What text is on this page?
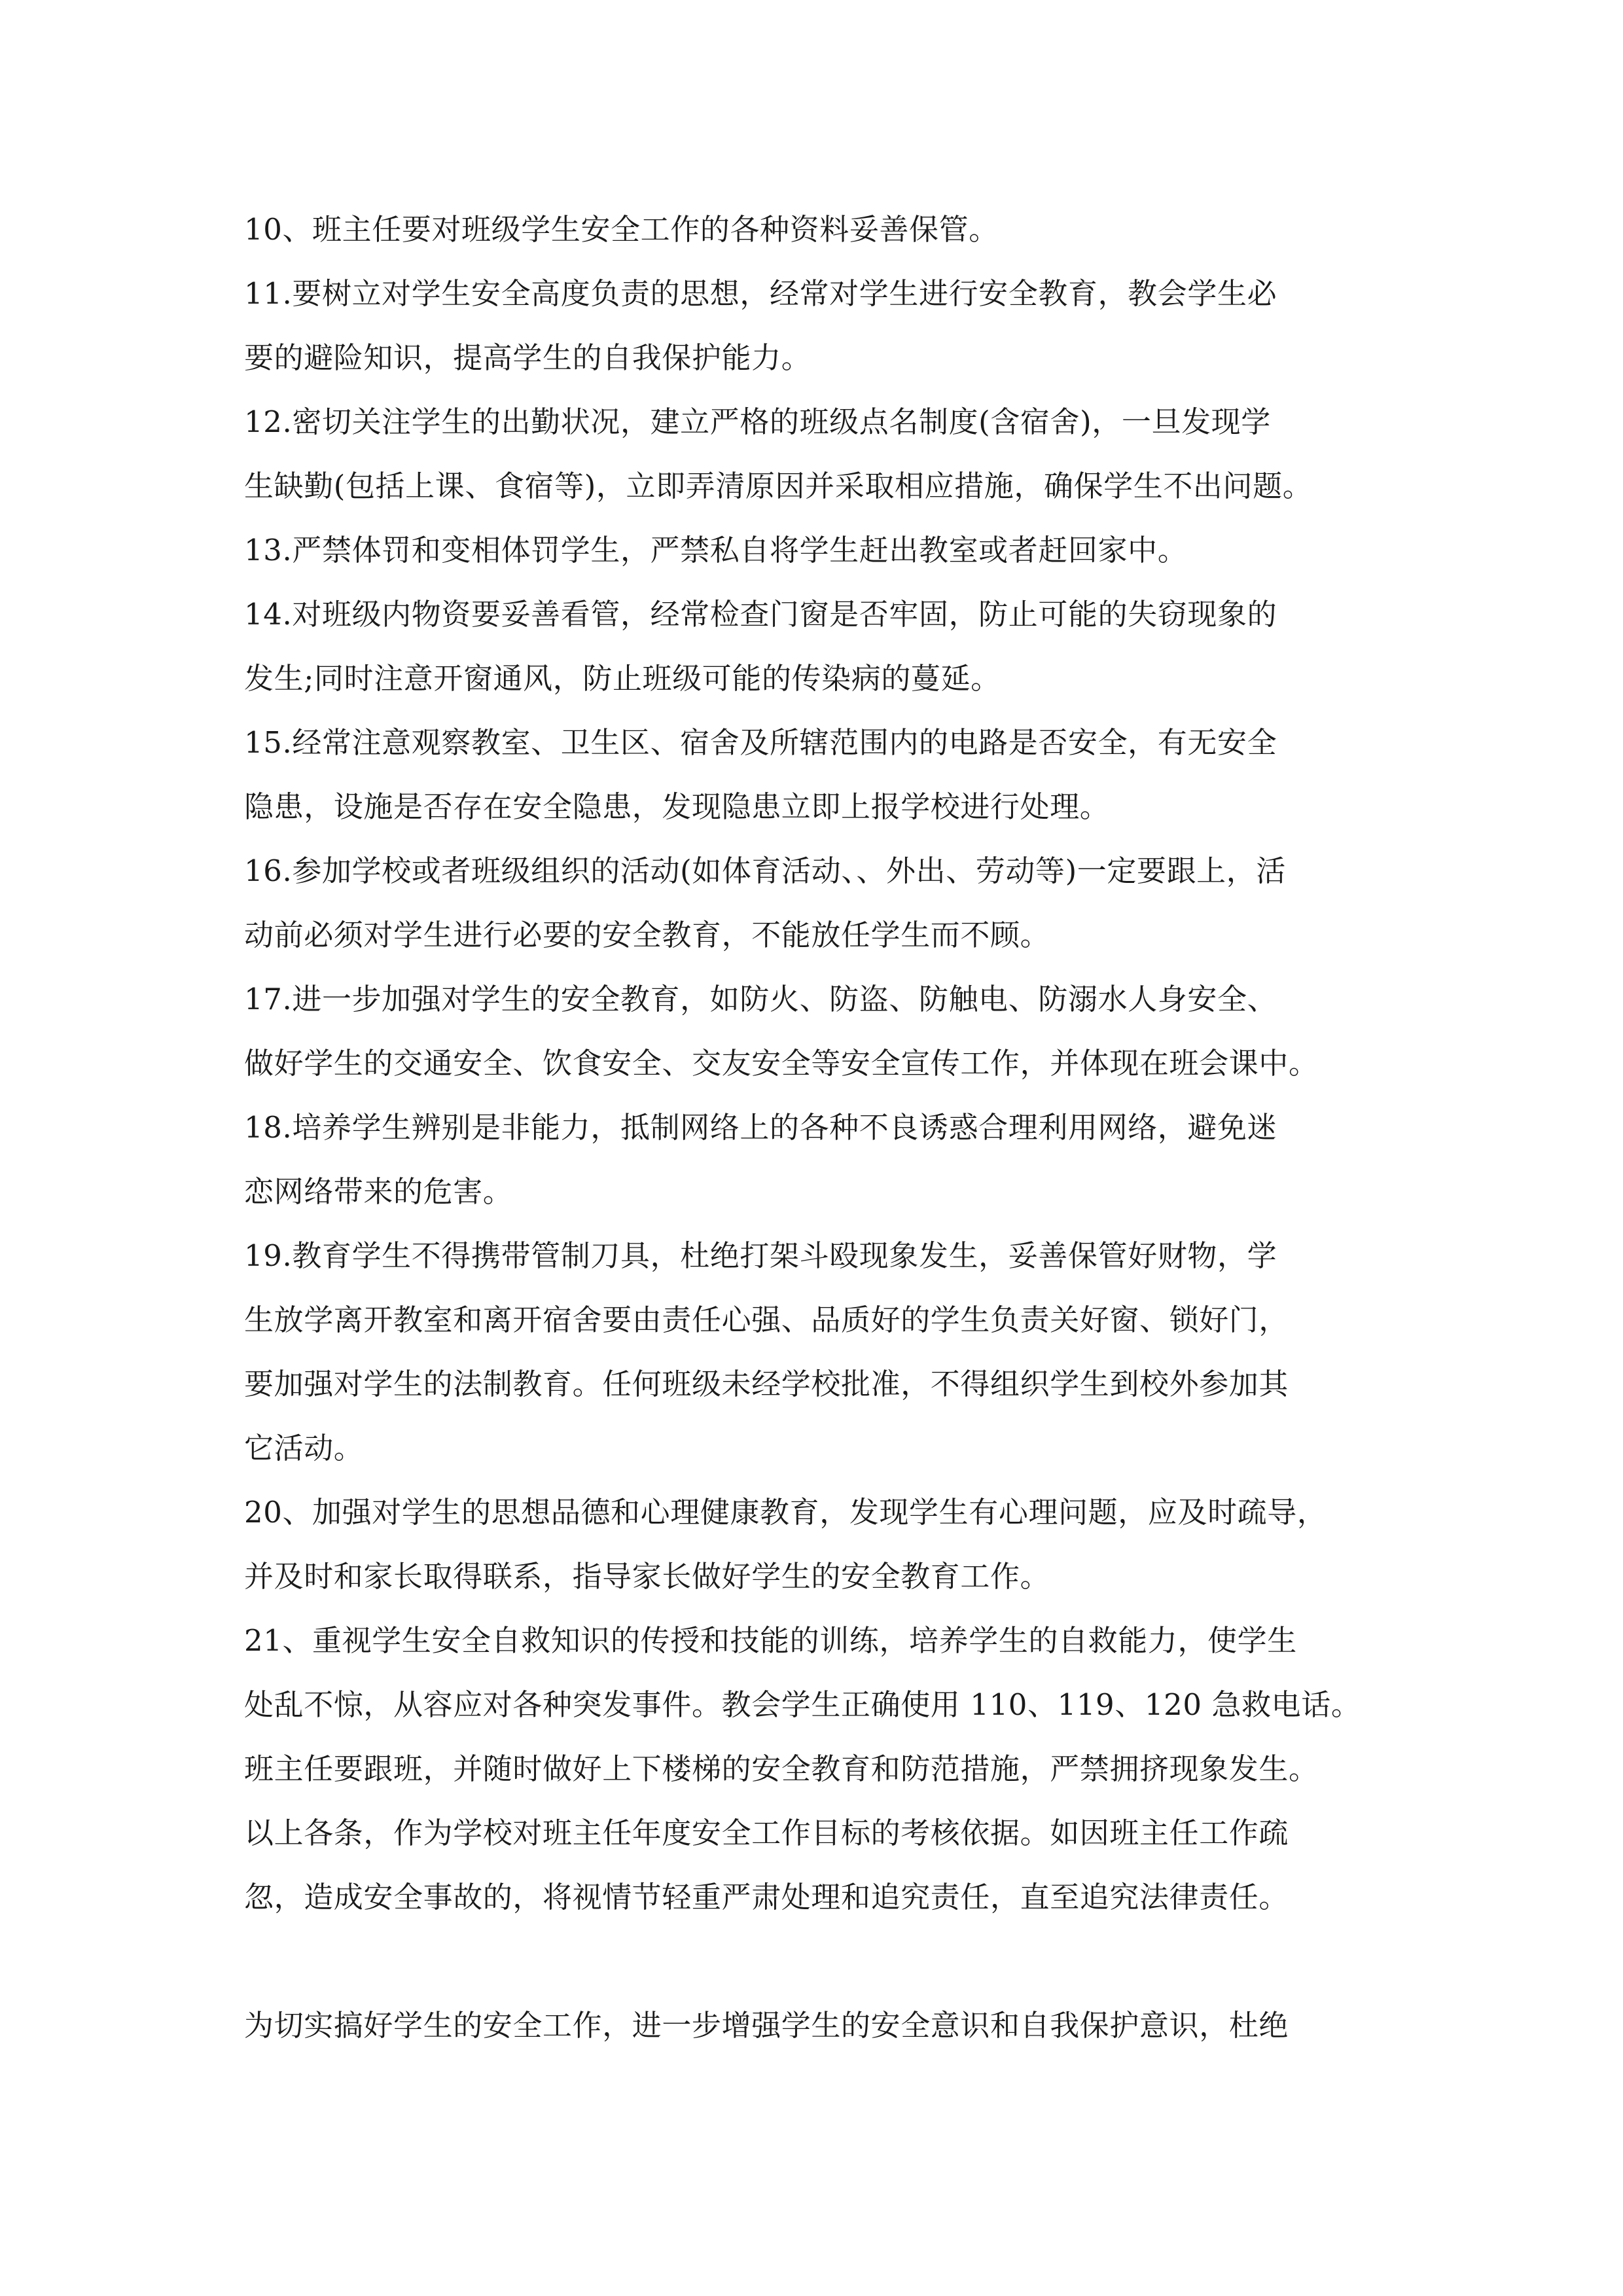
10、班主任要对班级学生安全工作的各种资料妥善保管。
11.要树立对学生安全高度负责的思想，经常对学生进行安全教育，教会学生必
要的避险知识，提高学生的自我保护能力。
12.密切关注学生的出勤状况，建立严格的班级点名制度(含宿舍)，一旦发现学
生缺勤(包括上课、食宿等)，立即弄清原因并采取相应措施，确保学生不出问题。
13.严禁体罚和变相体罚学生，严禁私自将学生赶出教室或者赶回家中。
14.对班级内物资要妥善看管，经常检查门窗是否牢固，防止可能的失窃现象的
发生;同时注意开窗通风，防止班级可能的传染病的蔓延。
15.经常注意观察教室、卫生区、宿舍及所辖范围内的电路是否安全，有无安全
隐患，设施是否存在安全隐患，发现隐患立即上报学校进行处理。
16.参加学校或者班级组织的活动(如体育活动、、外出、劳动等)一定要跟上，活
动前必须对学生进行必要的安全教育，不能放任学生而不顾。
17.进一步加强对学生的安全教育，如防火、防盗、防触电、防溺水人身安全、
做好学生的交通安全、饮食安全、交友安全等安全宣传工作，并体现在班会课中。
18.培养学生辨别是非能力，抵制网络上的各种不良诱惑合理利用网络，避免迷
恋网络带来的危害。
19.教育学生不得携带管制刀具，杜绝打架斗殴现象发生，妥善保管好财物，学
生放学离开教室和离开宿舍要由责任心强、品质好的学生负责关好窗、锁好门，
要加强对学生的法制教育。任何班级未经学校批准，不得组织学生到校外参加其
它活动。
20、加强对学生的思想品德和心理健康教育，发现学生有心理问题，应及时疏导，
并及时和家长取得联系，指导家长做好学生的安全教育工作。
21、重视学生安全自救知识的传授和技能的训练，培养学生的自救能力，使学生
处乱不惊，从容应对各种突发事件。教会学生正确使用 110、119、120 急救电话。
班主任要跟班，并随时做好上下楼梯的安全教育和防范措施，严禁拥挤现象发生。
以上各条，作为学校对班主任年度安全工作目标的考核依据。如因班主任工作疏
忽，造成安全事故的，将视情节轻重严肃处理和追究责任，直至追究法律责任。
为切实搞好学生的安全工作，进一步增强学生的安全意识和自我保护意识，杜绝
